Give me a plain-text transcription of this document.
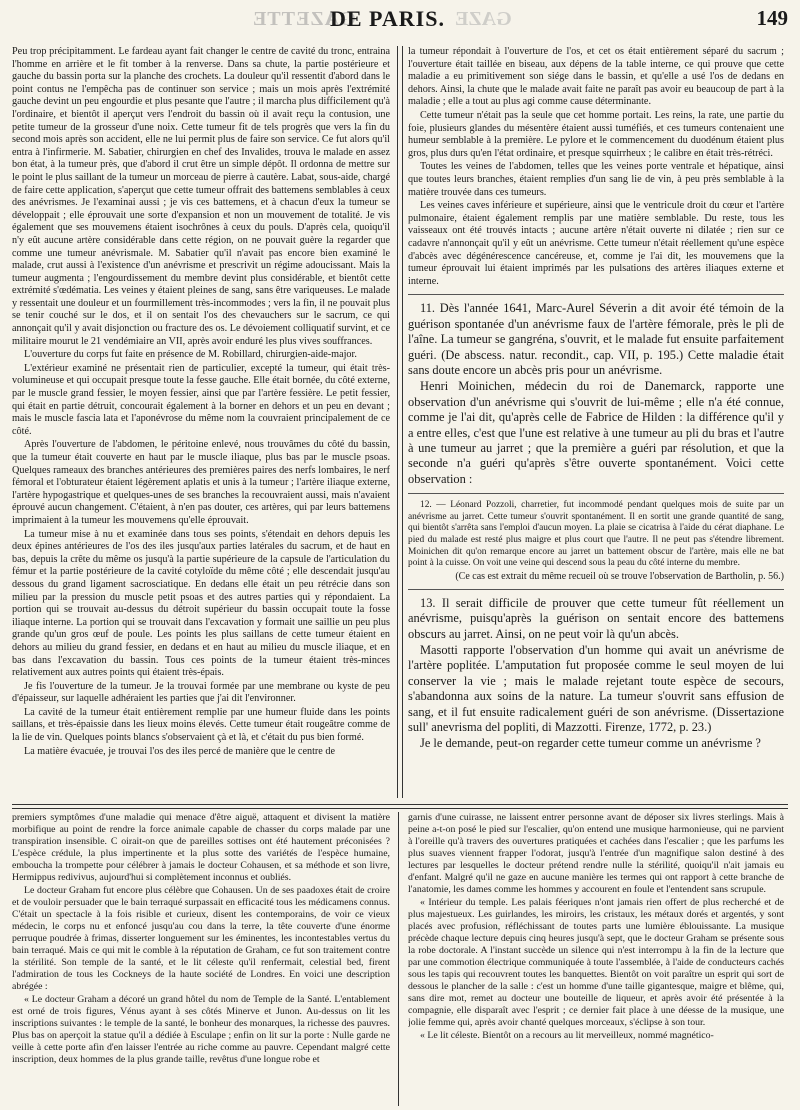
GAZETTE	GAZE
DE PARIS.	149

Peu trop précipitamment. Le fardeau ayant fait changer le centre de cavité du tronc, entraina l'homme en arrière et le fit tomber à la renverse. Dans sa chute, la partie postérieure et gauche du bassin porta sur la planche des crochets. La douleur qu'il ressentit d'abord dans le point contus ne l'empêcha pas de continuer son service ; mais un mois après l'extrémité gauche devint un peu engourdie et plus pesante que l'autre ; il marcha plus difficilement qu'à l'ordinaire, et bientôt il aperçut vers l'endroit du bassin où il avait reçu la contusion, une petite tumeur de la grosseur d'une noix. Cette tumeur fit de tels progrès que vers la fin du second mois après son accident, elle ne lui permit plus de faire son service. Ce fut alors qu'il entra à l'infirmerie. M. Sabatier, chirurgien en chef des Invalides, trouva le malade en assez bon état, à la tumeur près, que d'abord il crut être un simple dépôt. Il ordonna de mettre sur le point le plus saillant de la tumeur un morceau de pierre à cautère. Labat, sous-aide, chargé de faire cette application, s'aperçut que cette tumeur offrait des battemens semblables à ceux des anévrismes. Je l'examinai aussi ; je vis ces battemens, et à chacun d'eux la tumeur se développait ; elle éprouvait une sorte d'expansion et non un mouvement de totalité. Je vis également que ses mouvemens étaient isochrônes à ceux du pouls. D'après cela, quoiqu'il n'y eût aucune artère considérable dans cette région, on ne pouvait guère la regarder que comme une tumeur anévrismale. M. Sabatier qu'il n'avait pas encore bien examiné le malade, crut aussi à l'existence d'un anévrisme et prescrivit un régime adoucissant. Mais la tumeur augmenta ; l'engourdissement du membre devint plus considérable, et bientôt cette extrémité s'œdématia. Les veines y étaient pleines de sang, sans être variqueuses. Le malade y ressentait une douleur et un fourmillement très-incommodes ; vers la fin, il ne pouvait plus se tenir couché sur le dos, et il on sentait l'os des chevauchers sur le sacrum, ce qui annonçait qu'il y avait disjonction ou fracture des os. Le dévoiement colliquatif survint, et ce militaire mourut le 21 vendémiaire an VII, après avoir enduré les plus vives souffrances.

L'ouverture du corps fut faite en présence de M. Robillard, chirurgien-aide-major.

L'extérieur examiné ne présentait rien de particulier, excepté la tumeur, qui était très-volumineuse et qui occupait presque toute la fesse gauche. Elle était bornée, du côté externe, par le muscle grand fessier, le moyen fessier, ainsi que par l'artère fessière. Le petit fessier, qui était en partie détruit, concourait également à la borner en dehors et un peu en devant ; mais le muscle fascia lata et l'aponévrose du même nom la couvraient principalement de ce côté.

Après l'ouverture de l'abdomen, le péritoine enlevé, nous trouvâmes du côté du bassin, que la tumeur était couverte en haut par le muscle iliaque, plus bas par le muscle psoas. Quelques rameaux des branches antérieures des premières paires des nerfs lombaires, le nerf fémoral et l'obturateur étaient légèrement aplatis et unis à la tumeur ; l'artère iliaque externe, l'artère hypogastrique et quelques-unes de ses branches la recouvraient aussi, mais n'avaient éprouvé aucun changement. C'étaient, à n'en pas douter, ces artères, qui par leurs battemens imprimaient à la tumeur les mouvemens qu'elle éprouvait.

La tumeur mise à nu et examinée dans tous ses points, s'étendait en dehors depuis les deux épines antérieures de l'os des iles jusqu'aux parties latérales du sacrum, et de haut en bas, depuis la crête du même os jusqu'à la partie supérieure de la capsule de l'articulation du fémur et la partie postérieure de la cavité cotyloïde du même côté ; elle descendait jusqu'au dessous du grand ligament sacrosciatique. En dedans elle était un peu rétrécie dans son milieu par la pression du muscle petit psoas et des autres parties qui y répondaient. La portion qui se trouvait au-dessus du détroit supérieur du bassin occupait toute la fosse iliaque interne. La portion qui se trouvait dans l'excavation y formait une saillie un peu plus grande qu'un gros œuf de poule. Les points les plus saillans de cette tumeur étaient en dehors au milieu du grand fessier, en dedans et en haut au milieu du muscle iliaque, et en bas dans l'excavation du bassin. Tous ces points de la tumeur étaient très-minces relativement aux autres points qui étaient très-épais.

Je fis l'ouverture de la tumeur. Je la trouvai formée par une membrane ou kyste de peu d'épaisseur, sur laquelle adhéraient les parties que j'ai dit l'environner.

La cavité de la tumeur était entièrement remplie par une humeur fluide dans les points saillans, et très-épaissie dans les lieux moins élevés. Cette tumeur était rougeâtre comme de la lie de vin. Quelques points blancs s'observaient çà et là, et c'était du pus bien formé.

La matière évacuée, je trouvai l'os des iles percé de manière que le centre de

la tumeur répondait à l'ouverture de l'os, et cet os était entièrement séparé du sacrum ; l'ouverture était taillée en biseau, aux dépens de la table interne, ce qui prouve que cette maladie a eu primitivement son siége dans le bassin, et qu'elle a usé l'os de dedans en dehors. Ainsi, la chute que le malade avait faite ne paraît pas avoir eu beaucoup de part à la maladie ; elle a tout au plus agi comme cause déterminante.

Cette tumeur n'était pas la seule que cet homme portait. Les reins, la rate, une partie du foie, plusieurs glandes du mésentère étaient aussi tuméfiés, et ces tumeurs contenaient une humeur semblable à la première. Le pylore et le commencement du duodénum étaient plus gros, plus durs qu'en l'état ordinaire, et presque squirrheux ; le calibre en était très-rétréci.

Toutes les veines de l'abdomen, telles que les veines porte ventrale et hépatique, ainsi que toutes leurs branches, étaient remplies d'un sang lie de vin, à peu près semblable à la matière trouvée dans ces tumeurs.

Les veines caves inférieure et supérieure, ainsi que le ventricule droit du cœur et l'artère pulmonaire, étaient également remplis par une matière semblable. Du reste, tous les vaisseaux ont été trouvés intacts ; aucune artère n'était ouverte ni dilatée ; rien sur ce cadavre n'annonçait qu'il y eût un anévrisme. Cette tumeur n'était réellement qu'une espèce d'abcès avec dégénérescence cancéreuse, et, comme je l'ai dit, les mouvemens que la tumeur éprouvait lui étaient imprimés par les pulsations des artères iliaques externe et interne.

11. Dès l'année 1641, Marc-Aurel Séverin a dit avoir été témoin de la guérison spontanée d'un anévrisme faux de l'artère fémorale, près le pli de l'aîne. La tumeur se gangréna, s'ouvrit, et le malade fut ensuite parfaitement guéri. (De abscess. natur. recondit., cap. VII, p. 195.) Cette maladie était sans doute encore un abcès pris pour un anévrisme.

Henri Moinichen, médecin du roi de Danemarck, rapporte une observation d'un anévrisme qui s'ouvrit de lui-même ; elle n'a été connue, comme je l'ai dit, qu'après celle de Fabrice de Hilden : la différence qu'il y a entre elles, c'est que l'une est relative à une tumeur au pli du bras et l'autre à une tumeur au jarret ; que la première a guéri par résolution, et que la seconde n'a guéri qu'après s'être ouverte spontanément. Voici cette observation :

12. — Léonard Pozzoli, charretier, fut incommodé pendant quelques mois de suite par un anévrisme au jarret. Cette tumeur s'ouvrit spontanément. Il en sortit une grande quantité de sang, qui bientôt s'arrêta sans l'emploi d'aucun moyen. La plaie se cicatrisa à l'aide du cérat diaphane. Le pied du malade est resté plus maigre et plus court que l'autre. Il ne peut pas s'étendre librement. Moinichen dit qu'on remarque encore au jarret un battement obscur de l'artère, mais elle ne bat point à la cuisse. On voit une veine qui descend sous la peau du côté interne du membre.

(Ce cas est extrait du même recueil où se trouve l'observation de Bartholin, p. 56.)

13. Il serait difficile de prouver que cette tumeur fût réellement un anévrisme, puisqu'après la guérison on sentait encore des battemens obscurs au jarret. Ainsi, on ne peut voir là qu'un abcès.

Masotti rapporte l'observation d'un homme qui avait un anévrisme de l'artère poplitée. L'amputation fut proposée comme le seul moyen de lui conserver la vie ; mais le malade rejetant toute espèce de secours, s'abandonna aux soins de la nature. La tumeur s'ouvrit sans effusion de sang, et il fut ensuite radicalement guéri de son anévrisme. (Dissertazione sull' anevrisma del popliti, di Mazzotti. Firenze, 1772, p. 23.)

Je le demande, peut-on regarder cette tumeur comme un anévrisme ?

premiers symptômes d'une maladie qui menace d'être aiguë, attaquent et divisent la matière morbifique au point de rendre la force animale capable de chasser du corps malade par une transpiration insensible. C oirait-on que de pareilles sottises ont été hautement préconisées ? L'espèce crédule, la plus impertinente et la plus sotte des variétés de l'espèce humaine, emboucha la trompette pour célébrer à jamais le docteur Cohausen, et sa méthode et son livre, Hermippus redivivus, aujourd'hui si complètement inconnus et oubliés.

Le docteur Graham fut encore plus célèbre que Cohausen. Un de ses paadoxes était de croire et de vouloir persuader que le bain terraqué surpassait en efficacité tous les médicamens connus. C'était un spectacle à la fois risible et curieux, disent les contemporains, de voir ce vieux médecin, le corps nu et enfoncé jusqu'au cou dans la terre, la tête couverte d'une énorme perruque poudrée à frimas, disserter longuement sur les éminentes, les incontestables vertus du bain terraqué. Mais ce qui mit le comble à la réputation de Graham, ce fut son traitement contre la stérilité. Son temple de la santé, et le lit céleste qu'il renfermait, celestial bed, firent l'admiration de tous les Cockneys de la haute société de Londres. En voici une description abrégée :

« Le docteur Graham a décoré un grand hôtel du nom de Temple de la Santé. L'entablement est orné de trois figures, Vénus ayant à ses côtés Minerve et Junon. Au-dessus on lit les inscriptions suivantes : le temple de la santé, le bonheur des monarques, la richesse des pauvres. Plus bas on aperçoit la statue qu'il a dédiée à Esculape ; enfin on lit sur la porte : Nulle garde ne veille à cette porte afin d'en laisser l'entrée au riche comme au pauvre. Cependant malgré cette inscription, deux hommes de la plus grande taille, revêtus d'une longue robe et

garnis d'une cuirasse, ne laissent entrer personne avant de déposer six livres sterlings. Mais à peine a-t-on posé le pied sur l'escalier, qu'on entend une musique harmonieuse, qui ne parvient à l'oreille qu'à travers des ouvertures pratiquées et cachées dans l'escalier ; que les parfums les plus suaves viennent frapper l'odorat, jusqu'à l'entrée d'un magnifique salon destiné à des lectures par lesquelles le docteur prétend rendre nulle la stérilité, quoiqu'il n'ait jamais eu d'enfant. Malgré qu'il ne gaze en aucune manière les termes qui ont rapport à cette branche de l'anatomie, les dames comme les hommes y accourent en foule et l'entendent sans scrupule.

« Intérieur du temple. Les palais féeriques n'ont jamais rien offert de plus recherché et de plus majestueux. Les guirlandes, les miroirs, les cristaux, les métaux dorés et argentés, y sont placés avec profusion, réfléchissant de toutes parts une lumière éblouissante. La musique précède chaque lecture depuis cinq heures jusqu'à sept, que le docteur Graham se présente sous la robe doctorale. A l'instant succède un silence qui n'est interrompu à la fin de la lecture que par une commotion électrique communiquée à toute l'assemblée, à l'aide de conducteurs cachés sous les tapis qui recouvrent toutes les banquettes. Bientôt on voit paraître un esprit qui sort de dessous le plancher de la salle : c'est un homme d'une taille gigantesque, maigre et blême, qui, sans dire mot, remet au docteur une bouteille de liqueur, et après avoir été présentée à la compagnie, elle disparaît avec l'esprit ; ce dernier fait place à une déesse de la musique, une jolie femme qui, après avoir chanté quelques morceaux, s'éclipse à son tour.

« Le lit céleste. Bientôt on a recours au lit merveilleux, nommé magnético-
